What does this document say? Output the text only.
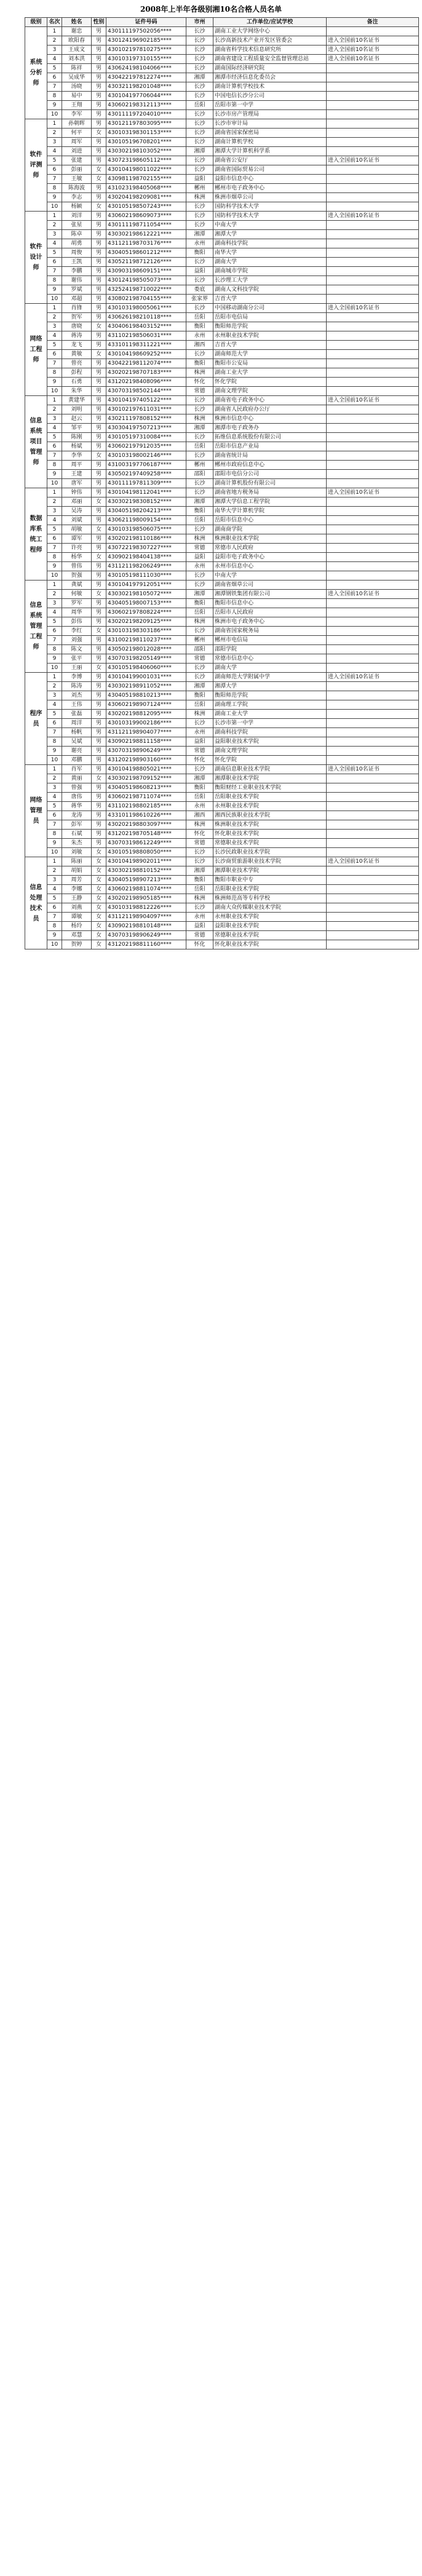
2008年上半年各级别湘10名合格人员名单
级别	名次	姓名	性别	证件号码	市州	工作单位/应试学校	备注
系统分析师	1	谢忠	男	430111197502056****	长沙	湖南工业大学网络中心	
	2	欧阳春	男	430124196902185****	长沙	长沙高新技术产业开发区管委会	进入全国前10名证书
	3	王成文	男	430102197810275****	长沙	湖南省科学技术信息研究所	进入全国前10名证书
	4	刘本洪	男	430103197310155****	长沙	湖南省建设工程质量安全监督管理总站	进入全国前10名证书
	5	陈祥	男	430624198104066****	长沙	湖南国际经济研究院	
	6	吴成华	男	430422197812274****	湘潭	湘潭市经济信息化委员会	
	7	汤晓	男	430321198201048****	长沙	湖南计算机学校技术	
	8	易中	男	430104197706044****	长沙	中国电信长沙分公司	
	9	王翔	男	430602198312113****	岳阳	岳阳市第一中学	
	10	李军	男	430111197204010****	长沙	长沙市房产管理局	
软件评测师	1	孙朝晖	男	430121197803095****	长沙	长沙市审计局	
	2	何平	女	430103198301153****	长沙	湖南省国家保密局	
	3	周军	男	430105196708201****	长沙	湖南计算机学校	
	4	刘进	男	430302198103052****	湘潭	湘潭大学计算机科学系	
	5	张建	男	430723198605112****	长沙	湖南省公安厅	进入全国前10名证书
	6	彭丽	女	430104198011022****	长沙	湖南省国际贸易公司	
	7	王敏	女	430981198702155****	益阳	益阳市信息中心	
	8	陈海波	男	431023198405068****	郴州	郴州市电子政务中心	
	9	李志	男	430204198209081****	株洲	株洲市烟草公司	
	10	杨颖	女	430105198507243****	长沙	国防科学技术大学	
软件设计师	1	刘洋	男	430602198609073****	长沙	国防科学技术大学	进入全国前10名证书
	2	张星	男	430111198711054****	长沙	中南大学	
	3	陈卓	男	430302198612221****	湘潭	湘潭大学	
	4	胡勇	男	431121198703176****	永州	湖南科技学院	
	5	周俊	男	430405198601212****	衡阳	南华大学	
	6	王凯	男	430521198712126****	长沙	湖南大学	
	7	李鹏	男	430903198609151****	益阳	湖南城市学院	
	8	谢伟	男	430124198505073****	长沙	长沙理工大学	
	9	罗斌	男	432524198710022****	娄底	湖南人文科技学院	
	10	邓超	男	430802198704155****	张家界	吉首大学	
网络工程师	1	肖锋	男	430103198005061****	长沙	中国移动湖南分公司	进入全国前10名证书
	2	贺军	男	430626198210118****	岳阳	岳阳市电信局	
	3	唐晓	女	430406198403152****	衡阳	衡阳师范学院	
	4	蒋涛	男	431102198506031****	永州	永州职业技术学院	
	5	龙飞	男	433101198311221****	湘西	吉首大学	
	6	黄敏	女	430104198609252****	长沙	湖南师范大学	
	7	曾亮	男	430422198112074****	衡阳	衡阳市公安局	
	8	彭程	男	430202198707183****	株洲	湖南工业大学	
	9	石勇	男	431202198408096****	怀化	怀化学院	
	10	朱华	男	430703198502144****	常德	湖南文理学院	
信息系统项目管理师	1	黄建华	男	430104197405122****	长沙	湖南省电子政务中心	进入全国前10名证书
	2	刘明	男	430102197611031****	长沙	湖南省人民政府办公厅	
	3	赵云	男	430211197808152****	株洲	株洲市信息中心	
	4	邹平	男	430304197507213****	湘潭	湘潭市电子政务办	
	5	陈刚	男	430105197310084****	长沙	拓维信息系统股份有限公司	
	6	杨斌	男	430602197912035****	岳阳	岳阳市信息产业局	
	7	李华	女	430103198002146****	长沙	湖南省统计局	
	8	周平	男	431003197706187****	郴州	郴州市政府信息中心	
	9	王建	男	430502197409258****	邵阳	邵阳市电信分公司	
	10	唐军	男	430111197811309****	长沙	湖南计算机股份有限公司	
数据库系统工程师	1	钟伟	男	430104198112041****	长沙	湖南省地方税务局	进入全国前10名证书
	2	邓丽	女	430302198308152****	湘潭	湘潭大学信息工程学院	
	3	吴涛	男	430405198204213****	衡阳	南华大学计算机学院	
	4	刘斌	男	430621198009154****	岳阳	岳阳市信息中心	
	5	胡敏	女	430103198506075****	长沙	湖南商学院	
	6	谭军	男	430202198110186****	株洲	株洲职业技术学院	
	7	许亮	男	430722198307227****	常德	常德市人民政府	
	8	杨华	女	430902198404138****	益阳	益阳市电子政务中心	
	9	曾伟	男	431121198206249****	永州	永州市信息中心	
	10	贺强	男	430105198111030****	长沙	中南大学	
信息系统管理工程师	1	龚斌	男	430104197912051****	长沙	湖南省烟草公司	
	2	何敏	女	430302198105072****	湘潭	湘潭钢铁集团有限公司	进入全国前10名证书
	3	罗军	男	430405198007153****	衡阳	衡阳市信息中心	
	4	周华	男	430602197808224****	岳阳	岳阳市人民政府	
	5	彭伟	男	430202198209125****	株洲	株洲市电子政务中心	
	6	李红	女	430103198303186****	长沙	湖南省国家税务局	
	7	刘强	男	431002198110237****	郴州	郴州市电信局	
	8	陈文	男	430502198012028****	邵阳	邵阳学院	
	9	张平	男	430703198205149****	常德	常德市信息中心	
	10	王丽	女	430105198406060****	长沙	湖南大学	
程序员	1	李博	男	430104199001031****	长沙	湖南师范大学附属中学	进入全国前10名证书
	2	陈涛	男	430302198911052****	湘潭	湘潭大学	
	3	刘杰	男	430405198810213****	衡阳	衡阳师范学院	
	4	王伟	男	430602198907124****	岳阳	湖南理工学院	
	5	张磊	男	430202198812095****	株洲	湖南工业大学	
	6	周洋	男	430103199002186****	长沙	长沙市第一中学	
	7	杨帆	男	431121198904077****	永州	湖南科技学院	
	8	吴斌	男	430902198811158****	益阳	益阳职业技术学院	
	9	谢亮	男	430703198906249****	常德	湖南文理学院	
	10	邓鹏	男	431202198903160****	怀化	怀化学院	
网络管理员	1	肖军	男	430104198805021****	长沙	湖南信息职业技术学院	进入全国前10名证书
	2	黄丽	女	430302198709152****	湘潭	湘潭职业技术学院	
	3	曾强	男	430405198608213****	衡阳	衡阳财经工业职业技术学院	
	4	唐伟	男	430602198711074****	岳阳	岳阳职业技术学院	
	5	蒋华	男	431102198802185****	永州	永州职业技术学院	
	6	龙涛	男	433101198610226****	湘西	湘西民族职业技术学院	
	7	彭军	男	430202198803097****	株洲	株洲职业技术学院	
	8	石斌	男	431202198705148****	怀化	怀化职业技术学院	
	9	朱杰	男	430703198612249****	常德	常德职业技术学院	
	10	刘敏	女	430105198808050****	长沙	长沙民政职业技术学院	
信息处理技术员	1	陈丽	女	430104198902011****	长沙	长沙商贸旅游职业技术学院	进入全国前10名证书
	2	胡娟	女	430302198810152****	湘潭	湘潭职业技术学院	
	3	周芳	女	430405198907213****	衡阳	衡阳市职业中专	
	4	李娜	女	430602198811074****	岳阳	岳阳职业技术学院	
	5	王静	女	430202198905185****	株洲	株洲师范高等专科学校	
	6	刘燕	女	430103198812226****	长沙	湖南大众传媒职业技术学院	
	7	谭敏	女	431121198904097****	永州	永州职业技术学院	
	8	杨玲	女	430902198810148****	益阳	益阳职业技术学院	
	9	邓慧	女	430703198906249****	常德	常德职业技术学院	
	10	贺婷	女	431202198811160****	怀化	怀化职业技术学院	
